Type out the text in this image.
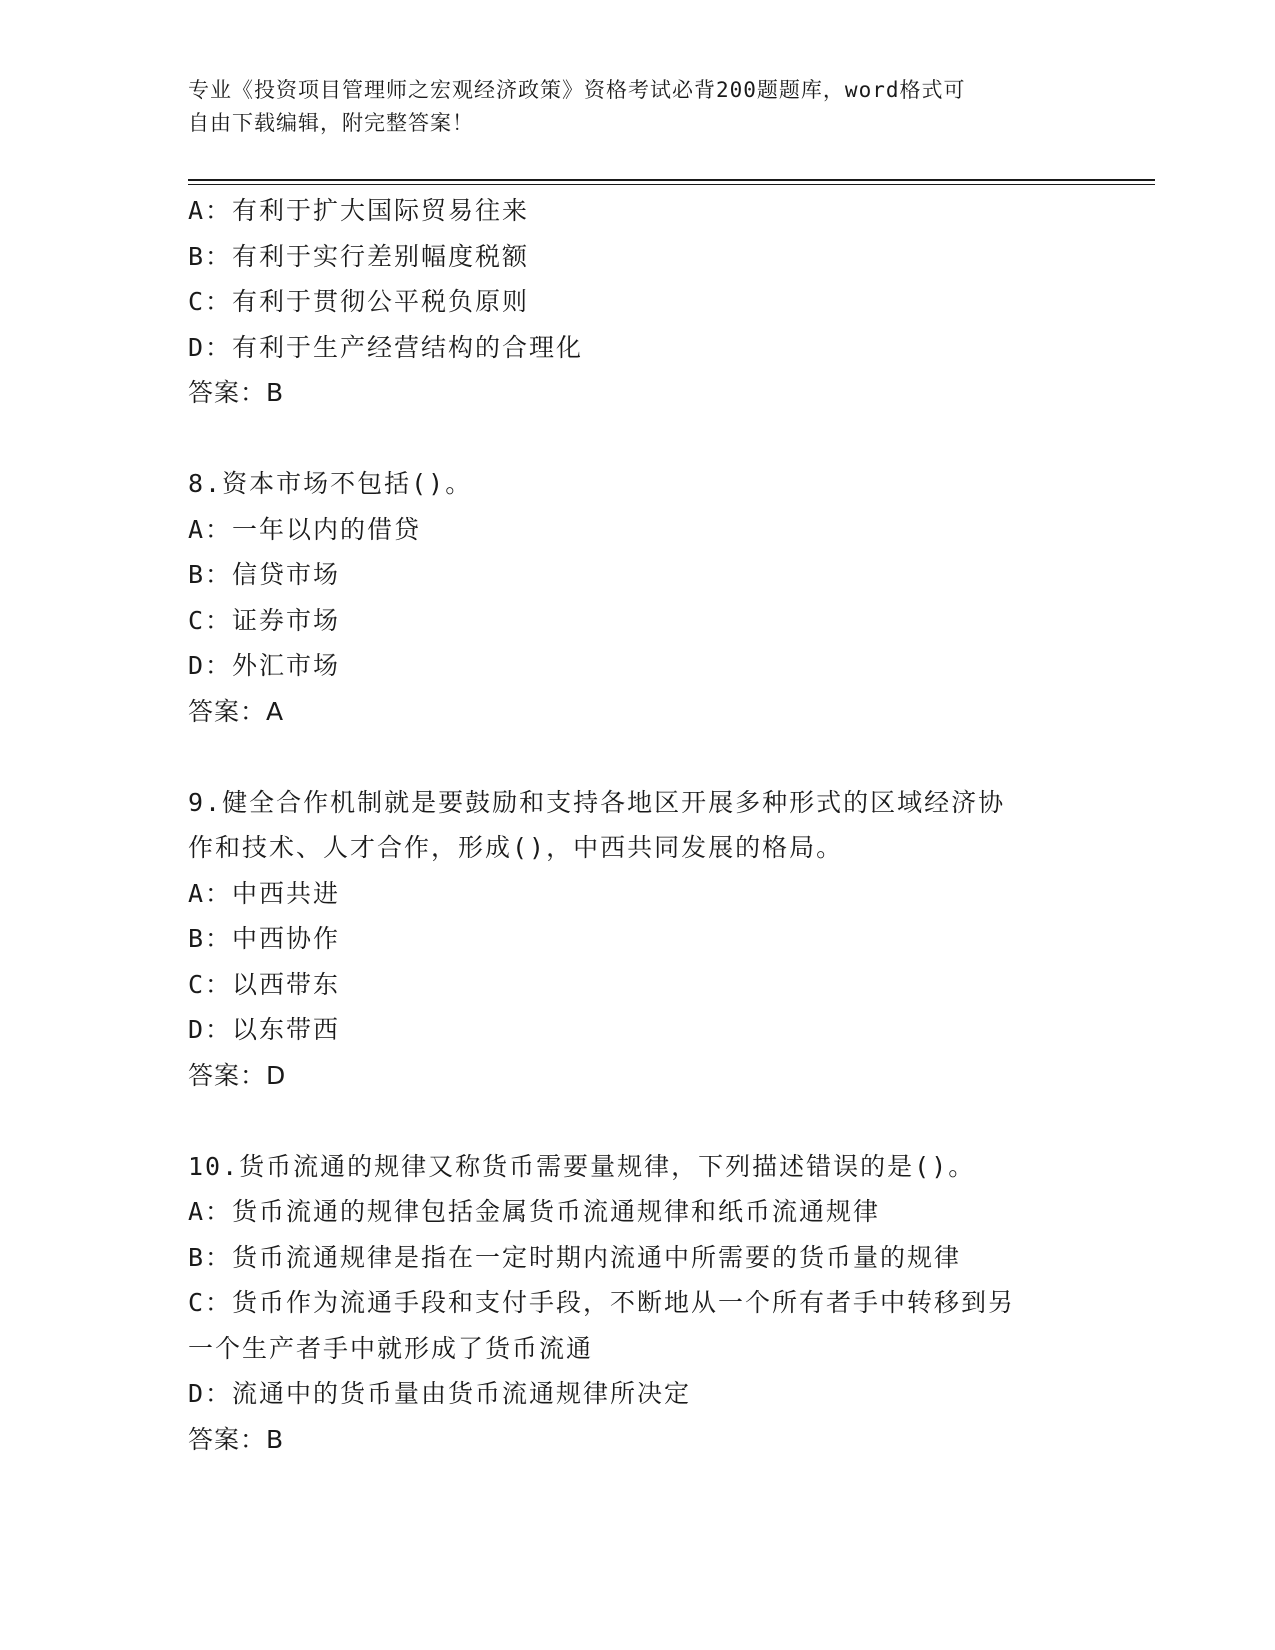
专业《投资项目管理师之宏观经济政策》资格考试必背200题题库，word格式可
自由下载编辑，附完整答案！
A：有利于扩大国际贸易往来
B：有利于实行差别幅度税额
C：有利于贯彻公平税负原则
D：有利于生产经营结构的合理化
答案：B
8.资本市场不包括()。
A：一年以内的借贷
B：信贷市场
C：证券市场
D：外汇市场
答案：A
9.健全合作机制就是要鼓励和支持各地区开展多种形式的区域经济协
作和技术、人才合作，形成()，中西共同发展的格局。
A：中西共进
B：中西协作
C：以西带东
D：以东带西
答案：D
10.货币流通的规律又称货币需要量规律，下列描述错误的是()。
A：货币流通的规律包括金属货币流通规律和纸币流通规律
B：货币流通规律是指在一定时期内流通中所需要的货币量的规律
C：货币作为流通手段和支付手段，不断地从一个所有者手中转移到另
一个生产者手中就形成了货币流通
D：流通中的货币量由货币流通规律所决定
答案：B
